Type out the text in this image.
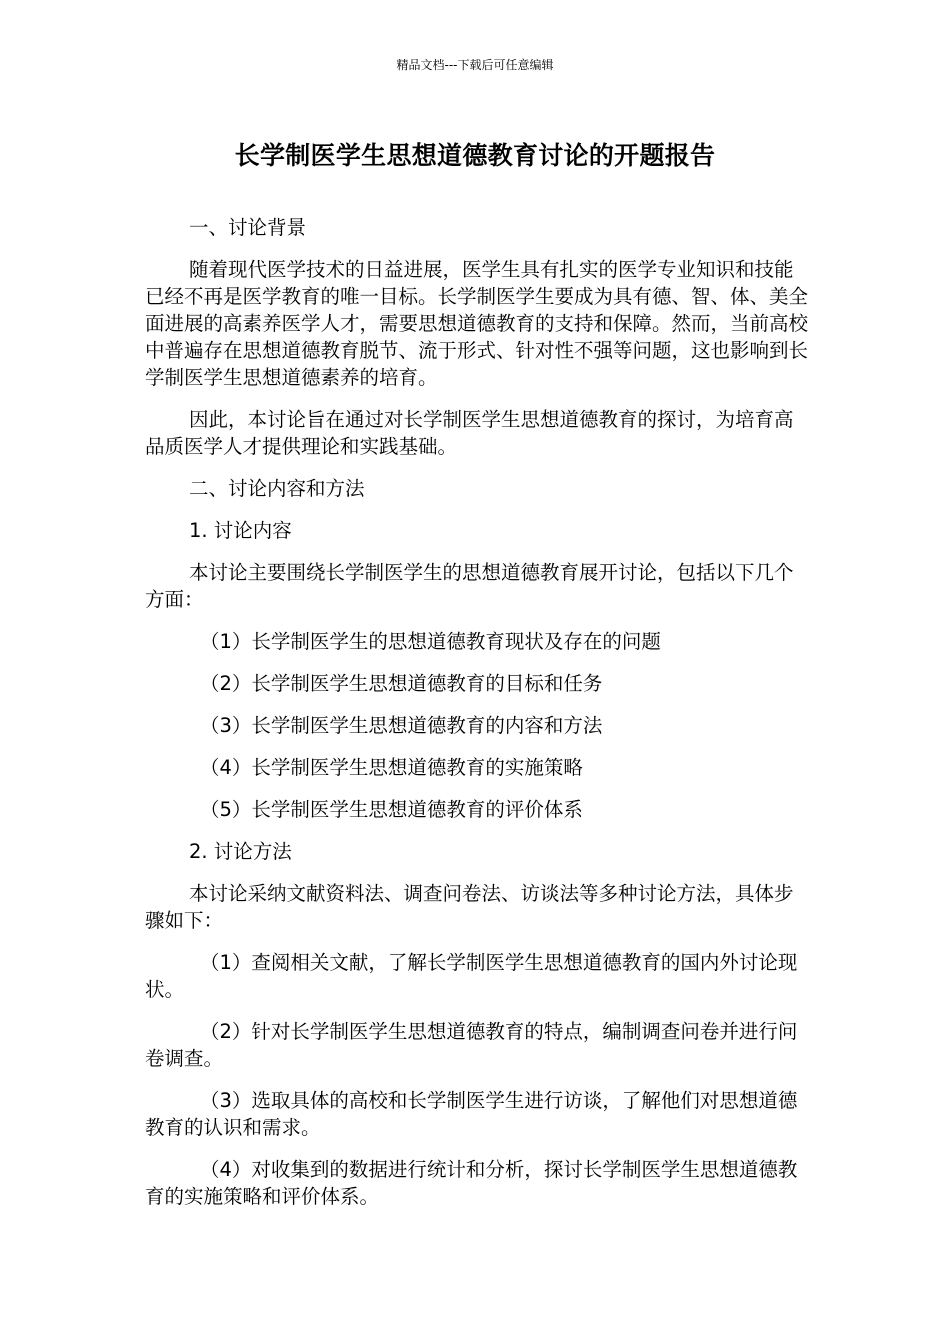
精品文档---下载后可任意编辑
长学制医学生思想道德教育讨论的开题报告
一、讨论背景
随着现代医学技术的日益进展，医学生具有扎实的医学专业知识和技能已经不再是医学教育的唯一目标。长学制医学生要成为具有德、智、体、美全面进展的高素养医学人才，需要思想道德教育的支持和保障。然而，当前高校中普遍存在思想道德教育脱节、流于形式、针对性不强等问题，这也影响到长学制医学生思想道德素养的培育。
因此，本讨论旨在通过对长学制医学生思想道德教育的探讨，为培育高品质医学人才提供理论和实践基础。
二、讨论内容和方法
1. 讨论内容
本讨论主要围绕长学制医学生的思想道德教育展开讨论，包括以下几个方面：
（1）长学制医学生的思想道德教育现状及存在的问题
（2）长学制医学生思想道德教育的目标和任务
（3）长学制医学生思想道德教育的内容和方法
（4）长学制医学生思想道德教育的实施策略
（5）长学制医学生思想道德教育的评价体系
2. 讨论方法
本讨论采纳文献资料法、调查问卷法、访谈法等多种讨论方法，具体步骤如下：
（1）查阅相关文献，了解长学制医学生思想道德教育的国内外讨论现状。
（2）针对长学制医学生思想道德教育的特点，编制调查问卷并进行问卷调查。
（3）选取具体的高校和长学制医学生进行访谈，了解他们对思想道德教育的认识和需求。
（4）对收集到的数据进行统计和分析，探讨长学制医学生思想道德教育的实施策略和评价体系。
